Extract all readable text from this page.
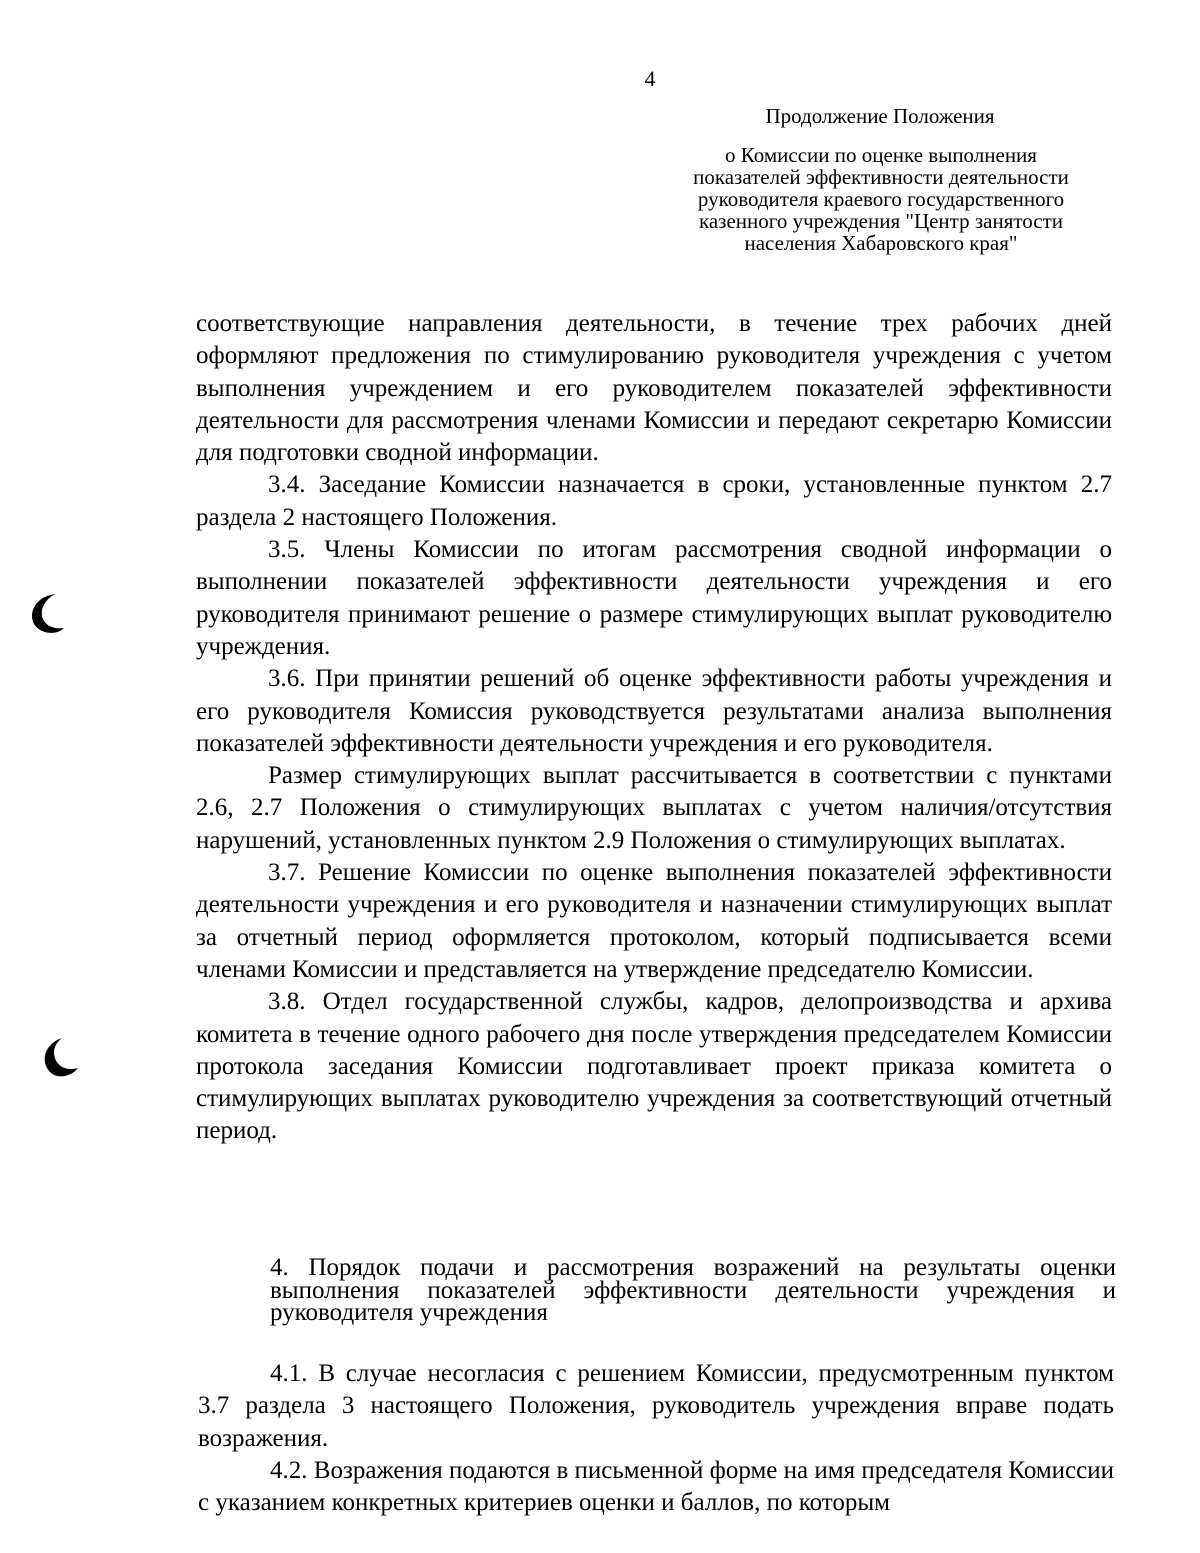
4
Продолжение Положения
о Комиссии по оценке выполнения
показателей эффективности деятельности
руководителя краевого государственного
казенного учреждения "Центр занятости
населения Хабаровского края"

соответствующие направления деятельности, в течение трех рабочих дней оформляют предложения по стимулированию руководителя учреждения с учетом выполнения учреждением и его руководителем показателей эффективности деятельности для рассмотрения членами Комиссии и передают секретарю Комиссии для подготовки сводной информации.

3.4. Заседание Комиссии назначается в сроки, установленные пунктом 2.7 раздела 2 настоящего Положения.

3.5. Члены Комиссии по итогам рассмотрения сводной информации о выполнении показателей эффективности деятельности учреждения и его руководителя принимают решение о размере стимулирующих выплат руководителю учреждения.

3.6. При принятии решений об оценке эффективности работы учреждения и его руководителя Комиссия руководствуется результатами анализа выполнения показателей эффективности деятельности учреждения и его руководителя.

Размер стимулирующих выплат рассчитывается в соответствии с пунктами 2.6, 2.7 Положения о стимулирующих выплатах с учетом наличия/отсутствия нарушений, установленных пунктом 2.9 Положения о стимулирующих выплатах.

3.7. Решение Комиссии по оценке выполнения показателей эффективности деятельности учреждения и его руководителя и назначении стимулирующих выплат за отчетный период оформляется протоколом, который подписывается всеми членами Комиссии и представляется на утверждение председателю Комиссии.

3.8. Отдел государственной службы, кадров, делопроизводства и архива комитета в течение одного рабочего дня после утверждения председателем Комиссии протокола заседания Комиссии подготавливает проект приказа комитета о стимулирующих выплатах руководителю учреждения за соответствующий отчетный период.

4. Порядок подачи и рассмотрения возражений на результаты оценки выполнения показателей эффективности деятельности учреждения и руководителя учреждения

4.1. В случае несогласия с решением Комиссии, предусмотренным пунктом 3.7 раздела 3 настоящего Положения, руководитель учреждения вправе подать возражения.

4.2. Возражения подаются в письменной форме на имя председателя Комиссии с указанием конкретных критериев оценки и баллов, по которым
